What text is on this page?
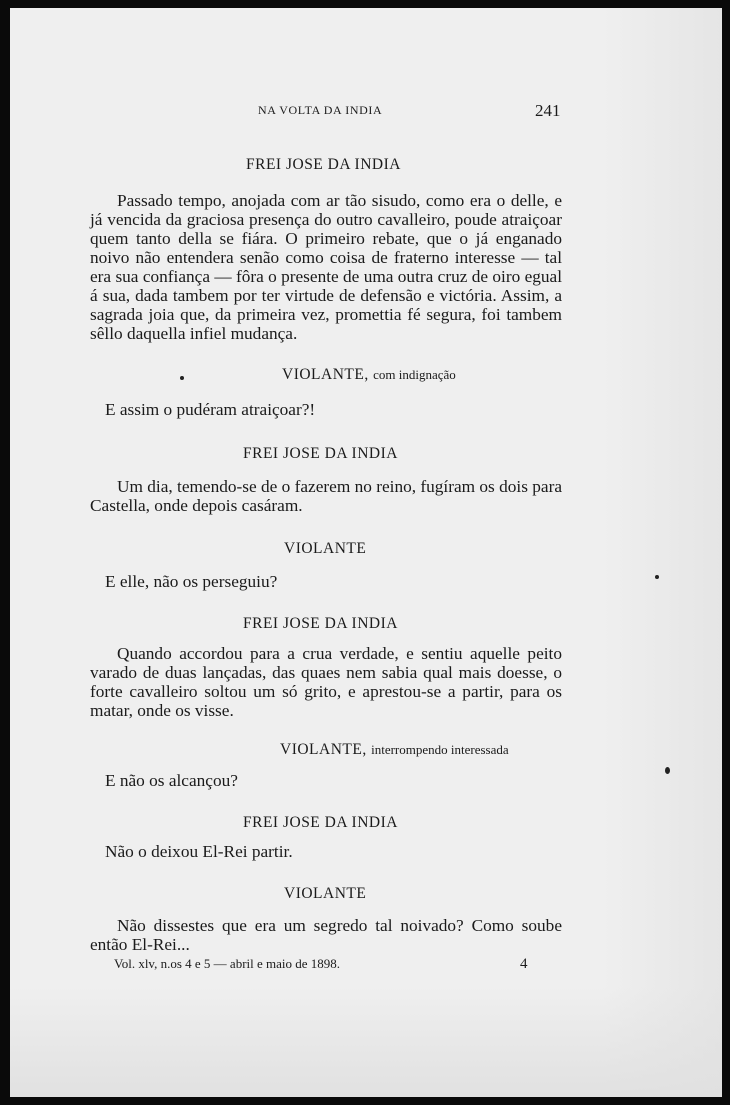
NA VOLTA DA INDIA	241
FREI JOSE DA INDIA
Passado tempo, anojada com ar tão sisudo, como era o delle, e já vencida da graciosa presença do outro cavalleiro, poude atraiçoar quem tanto della se fiára. O primeiro rebate, que o já enganado noivo não entendera senão como coisa de fraterno interesse — tal era sua confiança — fôra o presente de uma outra cruz de oiro egual á sua, dada tambem por ter virtude de defensão e victória. Assim, a sagrada joia que, da primeira vez, promettia fé segura, foi tambem sêllo daquella infiel mudança.
VIOLANTE, com indignação
E assim o pudéram atraiçoar?!
FREI JOSE DA INDIA
Um dia, temendo-se de o fazerem no reino, fugíram os dois para Castella, onde depois casáram.
VIOLANTE
E elle, não os perseguiu?
FREI JOSE DA INDIA
Quando accordou para a crua verdade, e sentiu aquelle peito varado de duas lançadas, das quaes nem sabia qual mais doesse, o forte cavalleiro soltou um só grito, e aprestou-se a partir, para os matar, onde os visse.
VIOLANTE, interrompendo interessada
E não os alcançou?
FREI JOSE DA INDIA
Não o deixou El-Rei partir.
VIOLANTE
Não dissestes que era um segredo tal noivado? Como soube então El-Rei...
Vol. xlv, n.os 4 e 5 — abril e maio de 1898.	4
